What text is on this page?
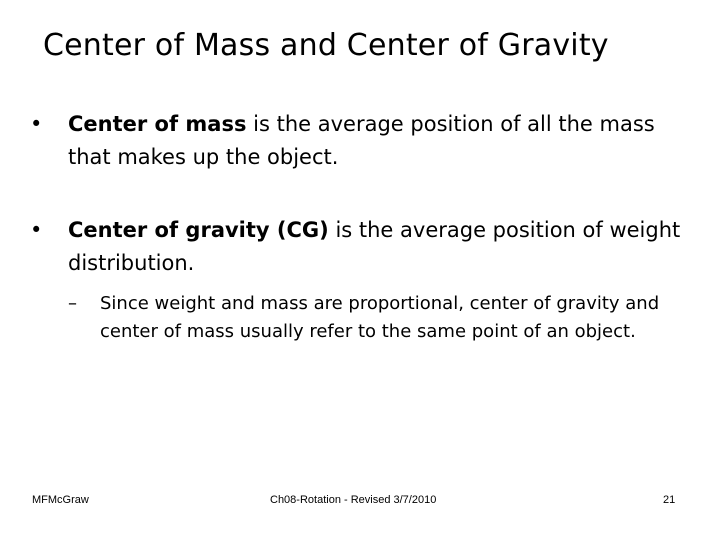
Center of Mass and Center of Gravity
• Center of mass is the average position of all the mass that makes up the object.
• Center of gravity (CG) is the average position of weight distribution.
– Since weight and mass are proportional, center of gravity and center of mass usually refer to the same point of an object.
MFMcGraw	Ch08-Rotation - Revised 3/7/2010	21
